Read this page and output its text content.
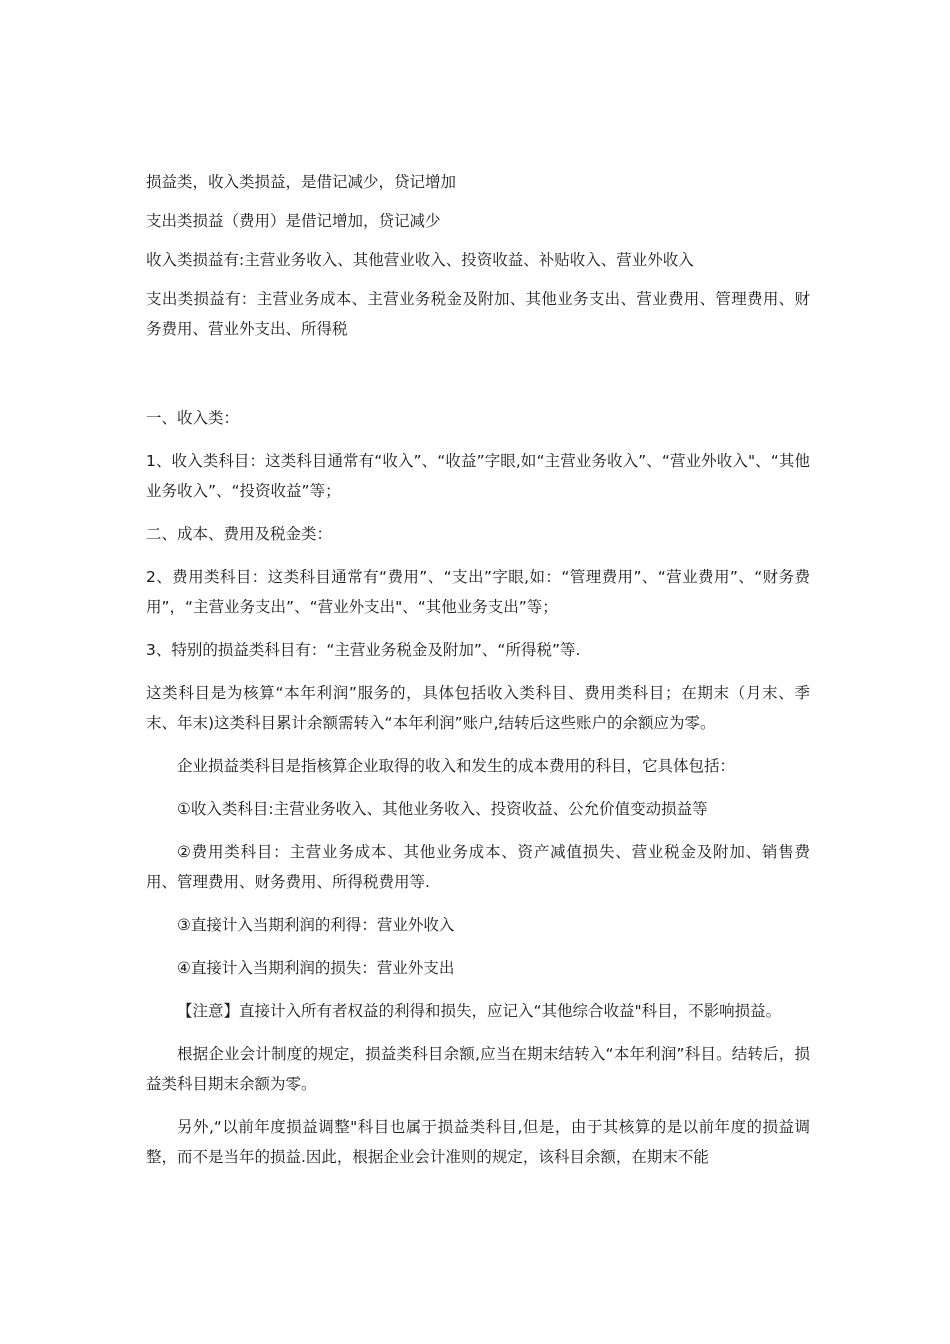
损益类，收入类损益，是借记减少，贷记增加

支出类损益（费用）是借记增加，贷记减少

收入类损益有:主营业务收入、其他营业收入、投资收益、补贴收入、营业外收入

支出类损益有：主营业务成本、主营业务税金及附加、其他业务支出、营业费用、管理费用、财务费用、营业外支出、所得税

一、收入类：

1、收入类科目：这类科目通常有“收入”、“收益”字眼,如“主营业务收入”、“营业外收入"、“其他业务收入”、“投资收益”等；

二、成本、费用及税金类：

2、费用类科目：这类科目通常有“费用”、“支出”字眼,如：“管理费用”、“营业费用”、“财务费用”，“主营业务支出”、“营业外支出"、“其他业务支出”等；

3、特别的损益类科目有：“主营业务税金及附加”、“所得税”等.

这类科目是为核算“本年利润”服务的，具体包括收入类科目、费用类科目；在期末（月末、季末、年末)这类科目累计余额需转入“本年利润”账户,结转后这些账户的余额应为零。

企业损益类科目是指核算企业取得的收入和发生的成本费用的科目，它具体包括：

①收入类科目:主营业务收入、其他业务收入、投资收益、公允价值变动损益等

②费用类科目：主营业务成本、其他业务成本、资产减值损失、营业税金及附加、销售费用、管理费用、财务费用、所得税费用等.

③直接计入当期利润的利得：营业外收入

④直接计入当期利润的损失：营业外支出

【注意】直接计入所有者权益的利得和损失，应记入“其他综合收益"科目，不影响损益。

根据企业会计制度的规定，损益类科目余额,应当在期末结转入“本年利润”科目。结转后，损益类科目期末余额为零。

另外,“以前年度损益调整"科目也属于损益类科目,但是，由于其核算的是以前年度的损益调整，而不是当年的损益.因此，根据企业会计准则的规定，该科目余额，在期末不能
